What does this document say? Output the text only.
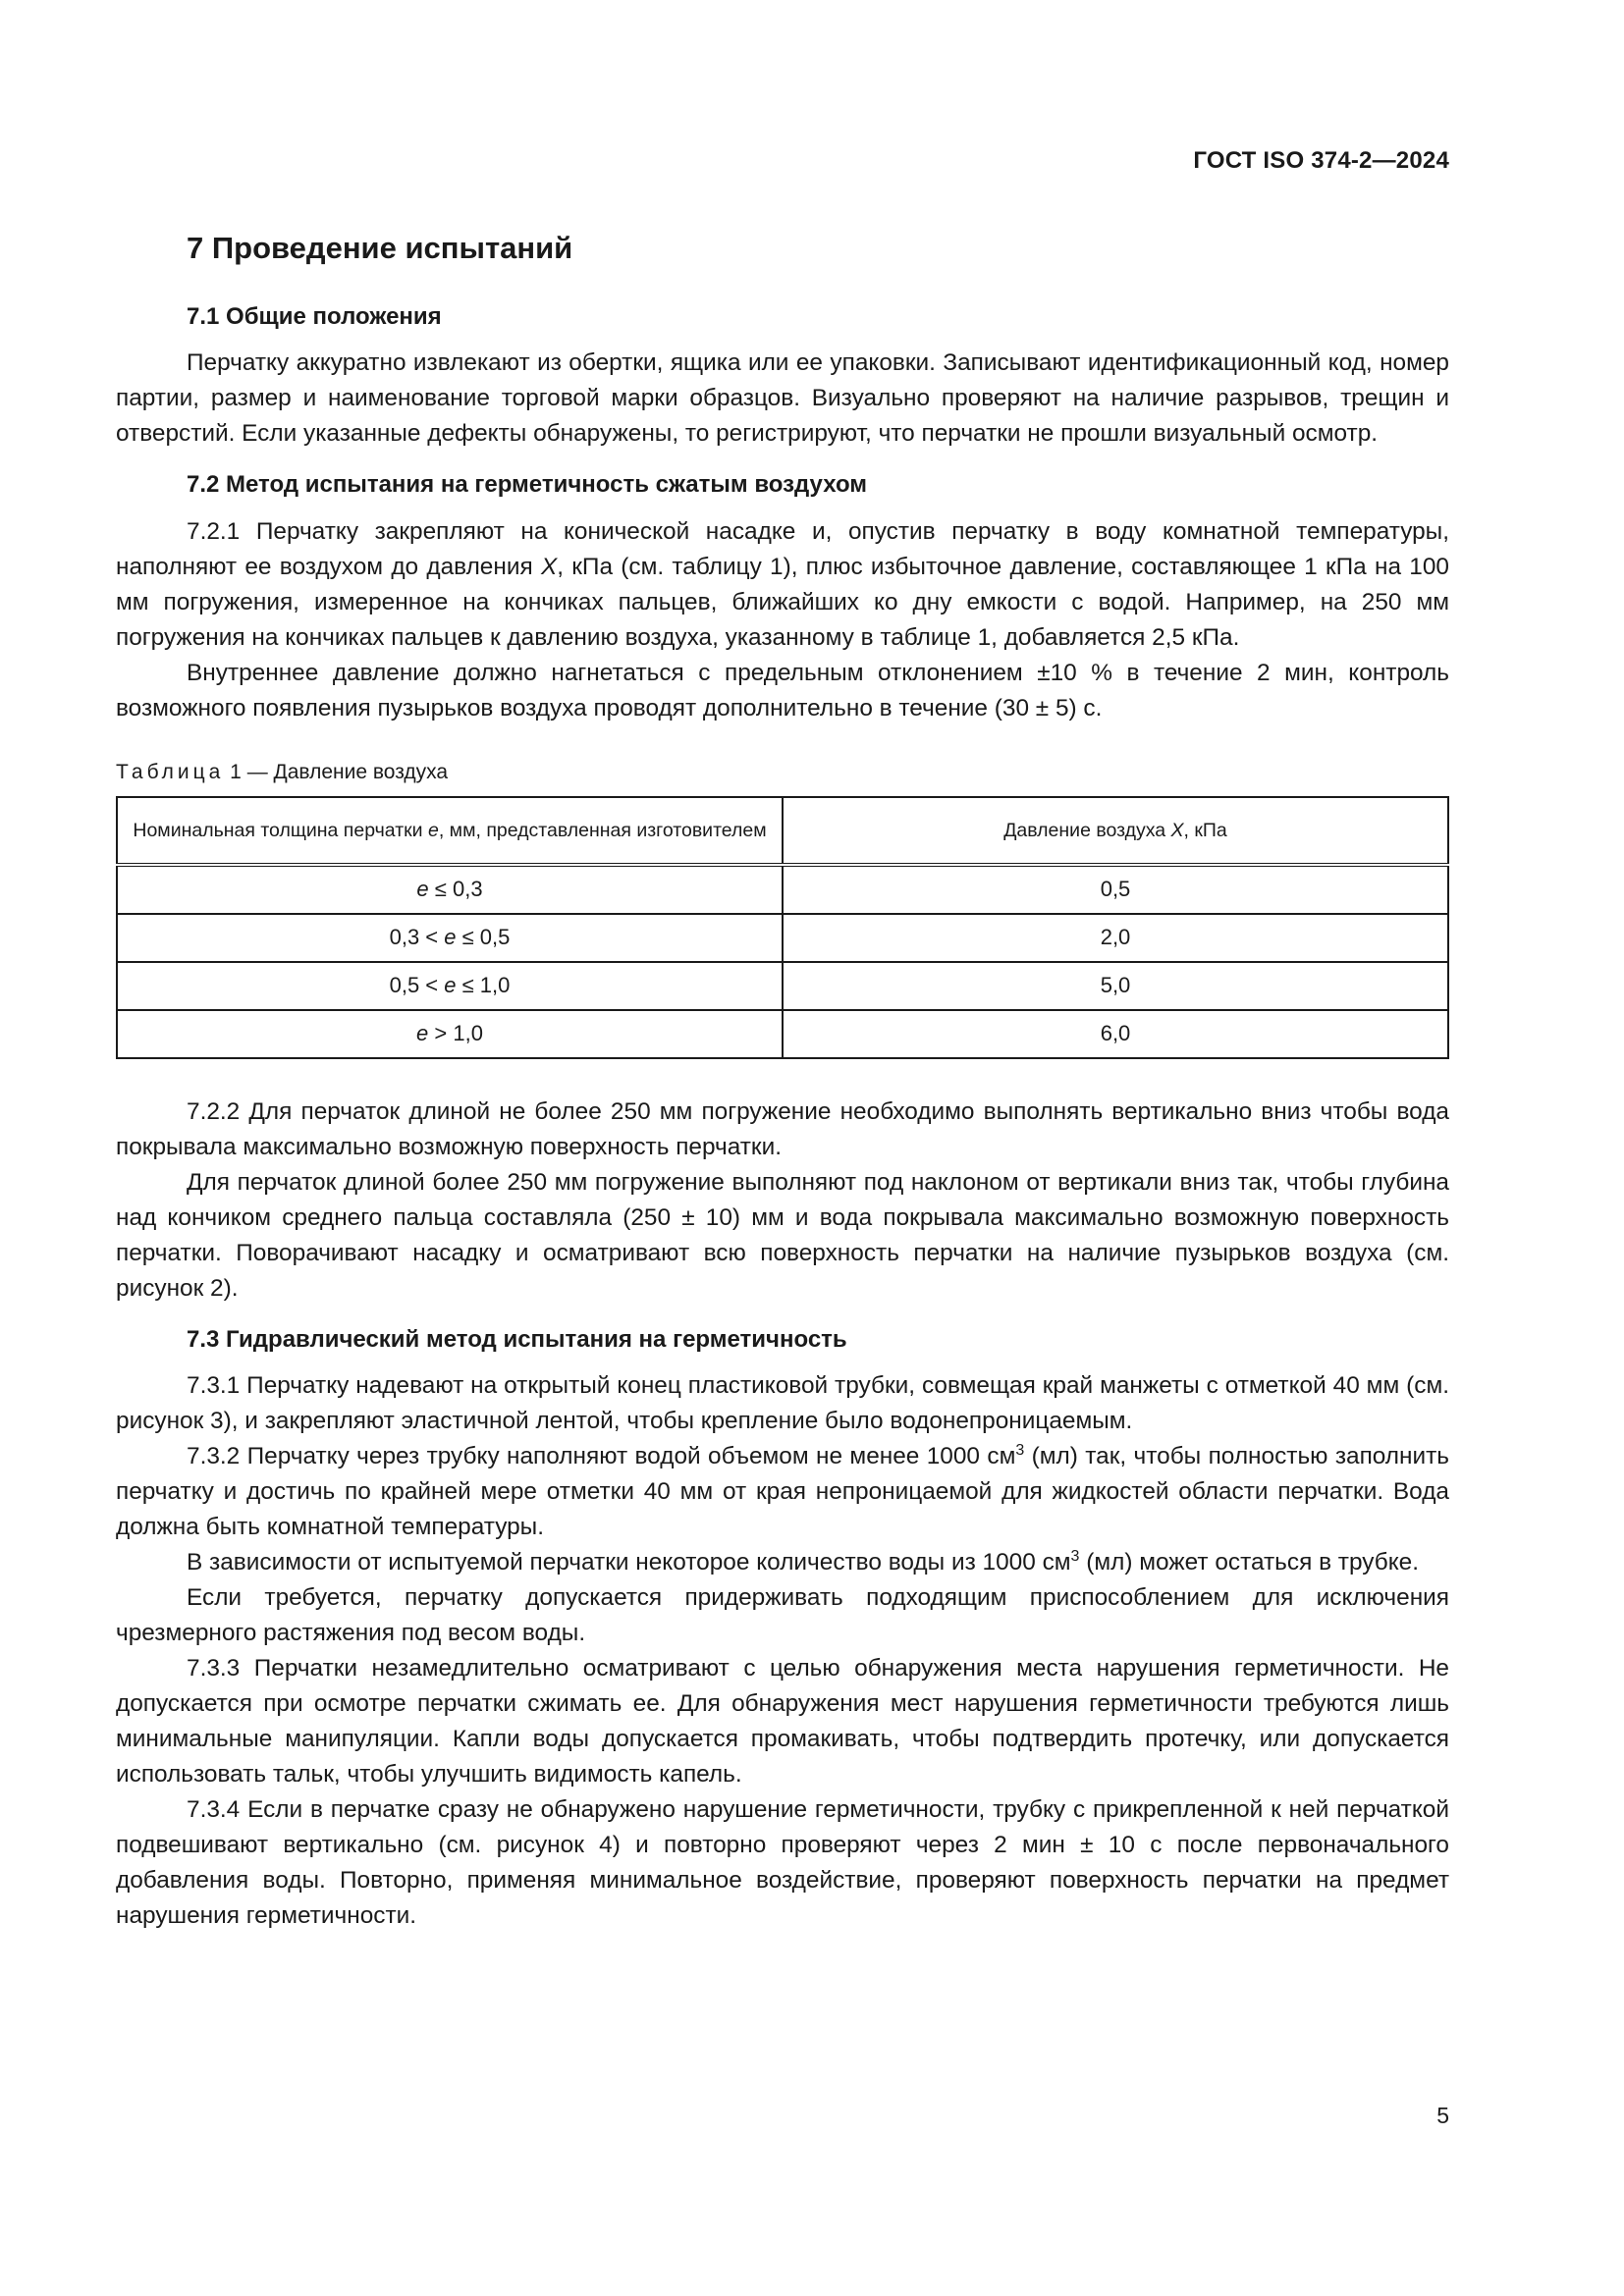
ГОСТ ISO 374-2—2024
7 Проведение испытаний
7.1 Общие положения

Перчатку аккуратно извлекают из обертки, ящика или ее упаковки. Записывают идентификационный код, номер партии, размер и наименование торговой марки образцов. Визуально проверяют на наличие разрывов, трещин и отверстий. Если указанные дефекты обнаружены, то регистрируют, что перчатки не прошли визуальный осмотр.

7.2 Метод испытания на герметичность сжатым воздухом

7.2.1 Перчатку закрепляют на конической насадке и, опустив перчатку в воду комнатной температуры, наполняют ее воздухом до давления X, кПа (см. таблицу 1), плюс избыточное давление, составляющее 1 кПа на 100 мм погружения, измеренное на кончиках пальцев, ближайших ко дну емкости с водой. Например, на 250 мм погружения на кончиках пальцев к давлению воздуха, указанному в таблице 1, добавляется 2,5 кПа.

Внутреннее давление должно нагнетаться с предельным отклонением ±10 % в течение 2 мин, контроль возможного появления пузырьков воздуха проводят дополнительно в течение (30 ± 5) с.

Таблица 1 — Давление воздуха
Номинальная толщина перчатки e, мм, представленная изготовителем	Давление воздуха X, кПа
e ≤ 0,3	0,5
0,3 < e ≤ 0,5	2,0
0,5 < e ≤ 1,0	5,0
e > 1,0	6,0

7.2.2 Для перчаток длиной не более 250 мм погружение необходимо выполнять вертикально вниз чтобы вода покрывала максимально возможную поверхность перчатки.

Для перчаток длиной более 250 мм погружение выполняют под наклоном от вертикали вниз так, чтобы глубина над кончиком среднего пальца составляла (250 ± 10) мм и вода покрывала максимально возможную поверхность перчатки. Поворачивают насадку и осматривают всю поверхность перчатки на наличие пузырьков воздуха (см. рисунок 2).

7.3 Гидравлический метод испытания на герметичность

7.3.1 Перчатку надевают на открытый конец пластиковой трубки, совмещая край манжеты с отметкой 40 мм (см. рисунок 3), и закрепляют эластичной лентой, чтобы крепление было водонепроницаемым.

7.3.2 Перчатку через трубку наполняют водой объемом не менее 1000 $см^3$ (мл) так, чтобы полностью заполнить перчатку и достичь по крайней мере отметки 40 мм от края непроницаемой для жидкостей области перчатки. Вода должна быть комнатной температуры.

В зависимости от испытуемой перчатки некоторое количество воды из 1000 $см^3$ (мл) может остаться в трубке.

Если требуется, перчатку допускается придерживать подходящим приспособлением для исключения чрезмерного растяжения под весом воды.

7.3.3 Перчатки незамедлительно осматривают с целью обнаружения места нарушения герметичности. Не допускается при осмотре перчатки сжимать ее. Для обнаружения мест нарушения герметичности требуются лишь минимальные манипуляции. Капли воды допускается промакивать, чтобы подтвердить протечку, или допускается использовать тальк, чтобы улучшить видимость капель.

7.3.4 Если в перчатке сразу не обнаружено нарушение герметичности, трубку с прикрепленной к ней перчаткой подвешивают вертикально (см. рисунок 4) и повторно проверяют через 2 мин ± 10 с после первоначального добавления воды. Повторно, применяя минимальное воздействие, проверяют поверхность перчатки на предмет нарушения герметичности.

5
